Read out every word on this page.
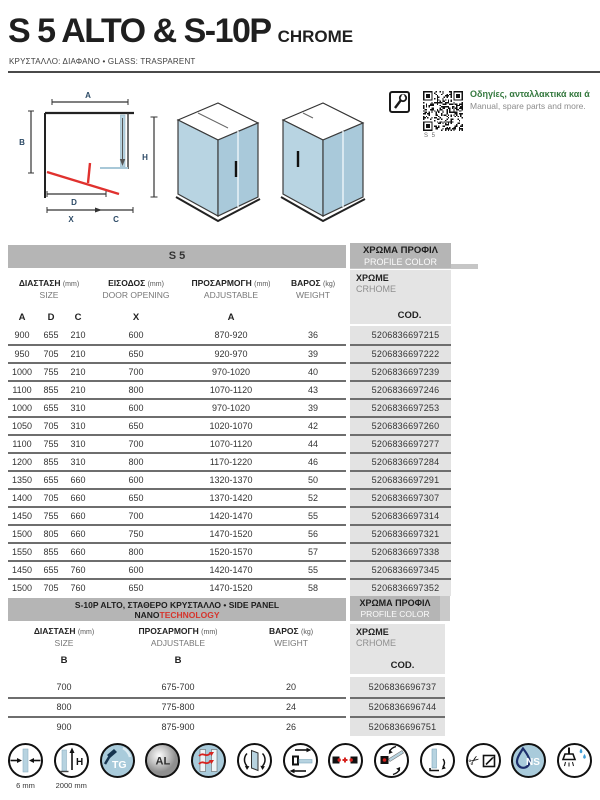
S 5 ALTO & S-10P CHROME
ΚΡΥΣΤΑΛΛΟ: ΔΙΑΦΑΝΟ • GLASS: TRASPARENT
A
B
D
X	C
H
S 5
Οδηγίες, ανταλλακτικά και ά
Manual, spare parts and more.
S 5	ΧΡΩΜΑ ΠΡΟΦΙΛ
PROFILE COLOR
ΧΡΩΜΕ
CRHOME
COD.
ΔΙΑΣΤΑΣΗ (mm)
SIZE
ΕΙΣΟΔΟΣ (mm)
DOOR OPENING
ΠΡΟΣΑΡΜΟΓΗ (mm)
ADJUSTABLE
ΒΑΡΟΣ (kg)
WEIGHT
A	D	C	X	A
900	655	210	600	870-920	36	5206836697215
950	705	210	650	920-970	39	5206836697222
1000	755	210	700	970-1020	40	5206836697239
1100	855	210	800	1070-1120	43	5206836697246
1000	655	310	600	970-1020	39	5206836697253
1050	705	310	650	1020-1070	42	5206836697260
1100	755	310	700	1070-1120	44	5206836697277
1200	855	310	800	1170-1220	46	5206836697284
1350	655	660	600	1320-1370	50	5206836697291
1400	705	660	650	1370-1420	52	5206836697307
1450	755	660	700	1420-1470	55	5206836697314
1500	805	660	750	1470-1520	56	5206836697321
1550	855	660	800	1520-1570	57	5206836697338
1450	655	760	600	1420-1470	55	5206836697345
1500	705	760	650	1470-1520	58	5206836697352
S-10P ALTO, ΣΤΑΘΕΡΟ ΚΡΥΣΤΑΛΛΟ • SIDE PANEL
NANOTECHNOLOGY
ΧΡΩΜΑ ΠΡΟΦΙΛ
PROFILE COLOR
ΧΡΩΜΕ
CRHOME
COD.
ΔΙΑΣΤΑΣΗ (mm)
SIZE
ΠΡΟΣΑΡΜΟΓΗ (mm)
ADJUSTABLE
ΒΑΡΟΣ (kg)
WEIGHT
B	B
700	675-700	20	5206836696737
800	775-800	24	5206836696744
900	875-900	26	5206836696751
6 mm
H
2000 mm
TG	AL	✂	NS
